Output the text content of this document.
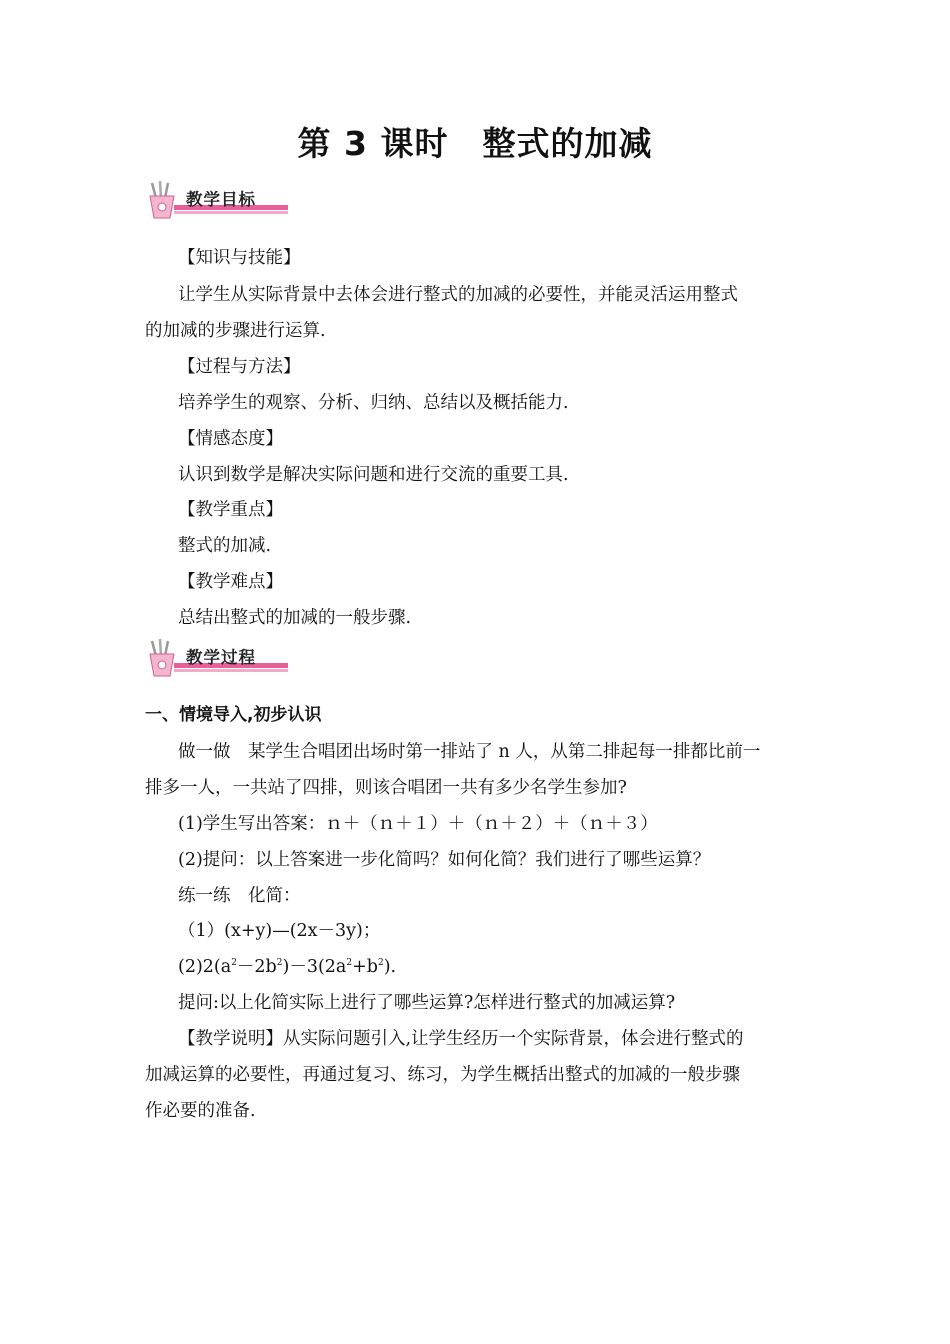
第 3 课时 整式的加减
教学目标
【知识与技能】
让学生从实际背景中去体会进行整式的加减的必要性，并能灵活运用整式
的加减的步骤进行运算.
【过程与方法】
培养学生的观察、分析、归纳、总结以及概括能力.
【情感态度】
认识到数学是解决实际问题和进行交流的重要工具.
【教学重点】
整式的加减.
【教学难点】
总结出整式的加减的一般步骤.
教学过程
一、情境导入,初步认识
做一做　某学生合唱团出场时第一排站了 n 人，从第二排起每一排都比前一
排多一人，一共站了四排，则该合唱团一共有多少名学生参加?
(1)学生写出答案：ｎ＋（ｎ＋１）＋（ｎ＋２）＋（ｎ＋３）
(2)提问：以上答案进一步化简吗？如何化简？我们进行了哪些运算？
练一练　化简：
（1）(x+y)—(2x－3y)；
$(2)2(a^2-2b^2)-3(2a^2+b^2)$.
提问:以上化简实际上进行了哪些运算?怎样进行整式的加减运算?
【教学说明】从实际问题引入,让学生经历一个实际背景，体会进行整式的
加减运算的必要性，再通过复习、练习，为学生概括出整式的加减的一般步骤
作必要的准备.
